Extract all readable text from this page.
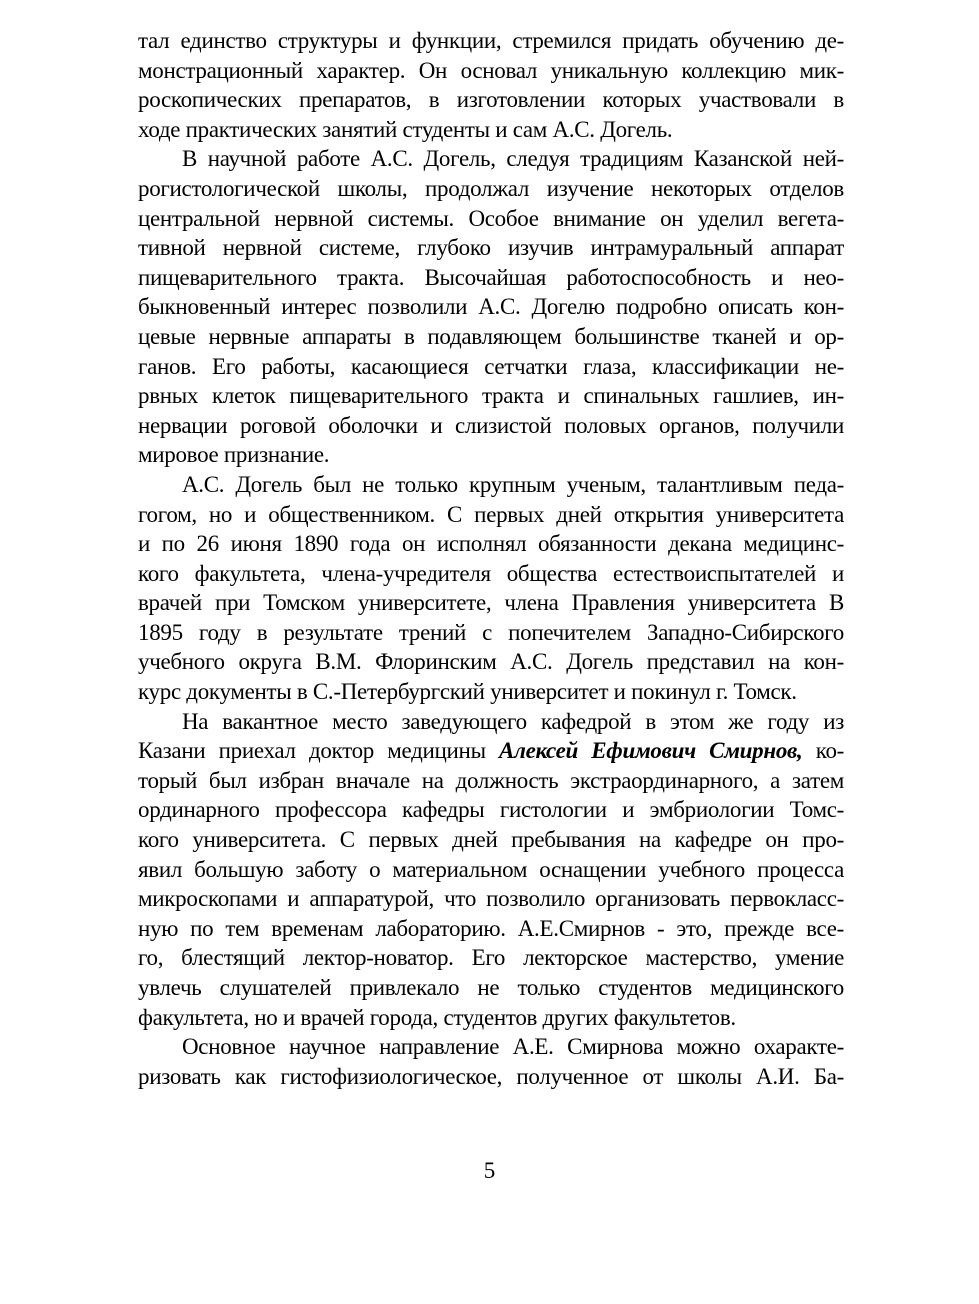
тал единство структуры и функции, стремился придать обучению де-
монстрационный характер. Он основал уникальную коллекцию мик-
роскопических препаратов, в изготовлении которых участвовали в
ходе практических занятий студенты и сам А.С. Догель.
В научной работе А.С. Догель, следуя традициям Казанской ней-
рогистологической школы, продолжал изучение некоторых отделов
центральной нервной системы. Особое внимание он уделил вегета-
тивной нервной системе, глубоко изучив интрамуральный аппарат
пищеварительного тракта. Высочайшая работоспособность и нео-
быкновенный интерес позволили А.С. Догелю подробно описать кон-
цевые нервные аппараты в подавляющем большинстве тканей и ор-
ганов. Его работы, касающиеся сетчатки глаза, классификации не-
рвных клеток пищеварительного тракта и спинальных гашлиев, ин-
нервации роговой оболочки и слизистой половых органов, получили
мировое признание.
А.С. Догель был не только крупным ученым, талантливым педа-
гогом, но и общественником. С первых дней открытия университета
и по 26 июня 1890 года он исполнял обязанности декана медицинс-
кого факультета, члена-учредителя общества естествоиспытателей и
врачей при Томском университете, члена Правления университета В
1895 году в результате трений с попечителем Западно-Сибирского
учебного округа В.М. Флоринским А.С. Догель представил на кон-
курс документы в С.-Петербургский университет и покинул г. Томск.
На вакантное место заведующего кафедрой в этом же году из
Казани приехал доктор медицины Алексей Ефимович Смирнов, ко-
торый был избран вначале на должность экстраординарного, а затем
ординарного профессора кафедры гистологии и эмбриологии Томс-
кого университета. С первых дней пребывания на кафедре он про-
явил большую заботу о материальном оснащении учебного процесса
микроскопами и аппаратурой, что позволило организовать первокласс-
ную по тем временам лабораторию. А.Е.Смирнов - это, прежде все-
го, блестящий лектор-новатор. Его лекторское мастерство, умение
увлечь слушателей привлекало не только студентов медицинского
факультета, но и врачей города, студентов других факультетов.
Основное научное направление А.Е. Смирнова можно охаракте-
ризовать как гистофизиологическое, полученное от школы А.И. Ба-
5
